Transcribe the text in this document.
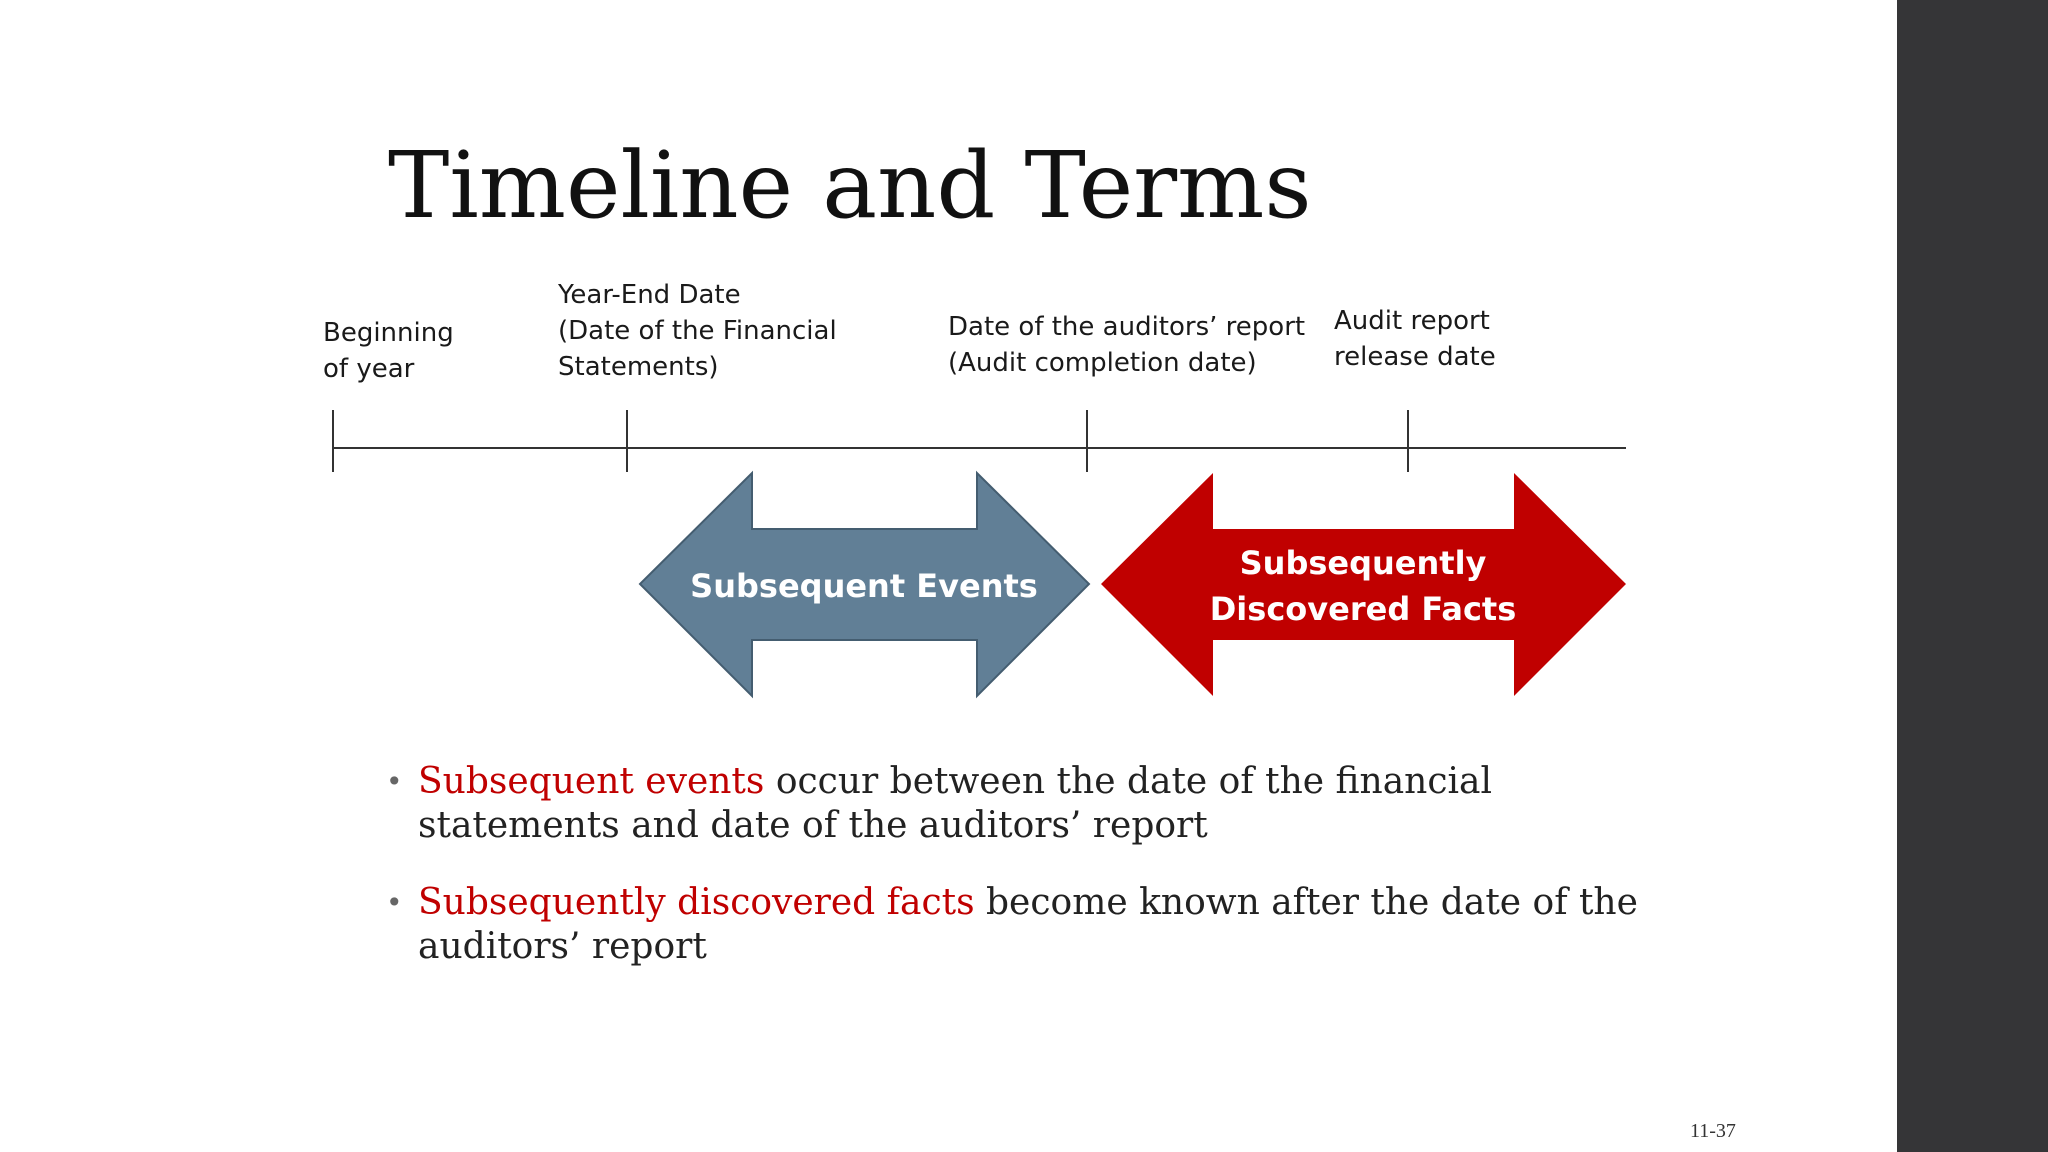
Timeline and Terms
Beginning
of year
Year-End Date
(Date of the Financial
Statements)
Date of the auditors’ report
(Audit completion date)
Audit report
release date
Subsequent Events
Subsequently
Discovered Facts
• Subsequent events occur between the date of the financial statements and date of the auditors’ report
• Subsequently discovered facts become known after the date of the auditors’ report
11-37
